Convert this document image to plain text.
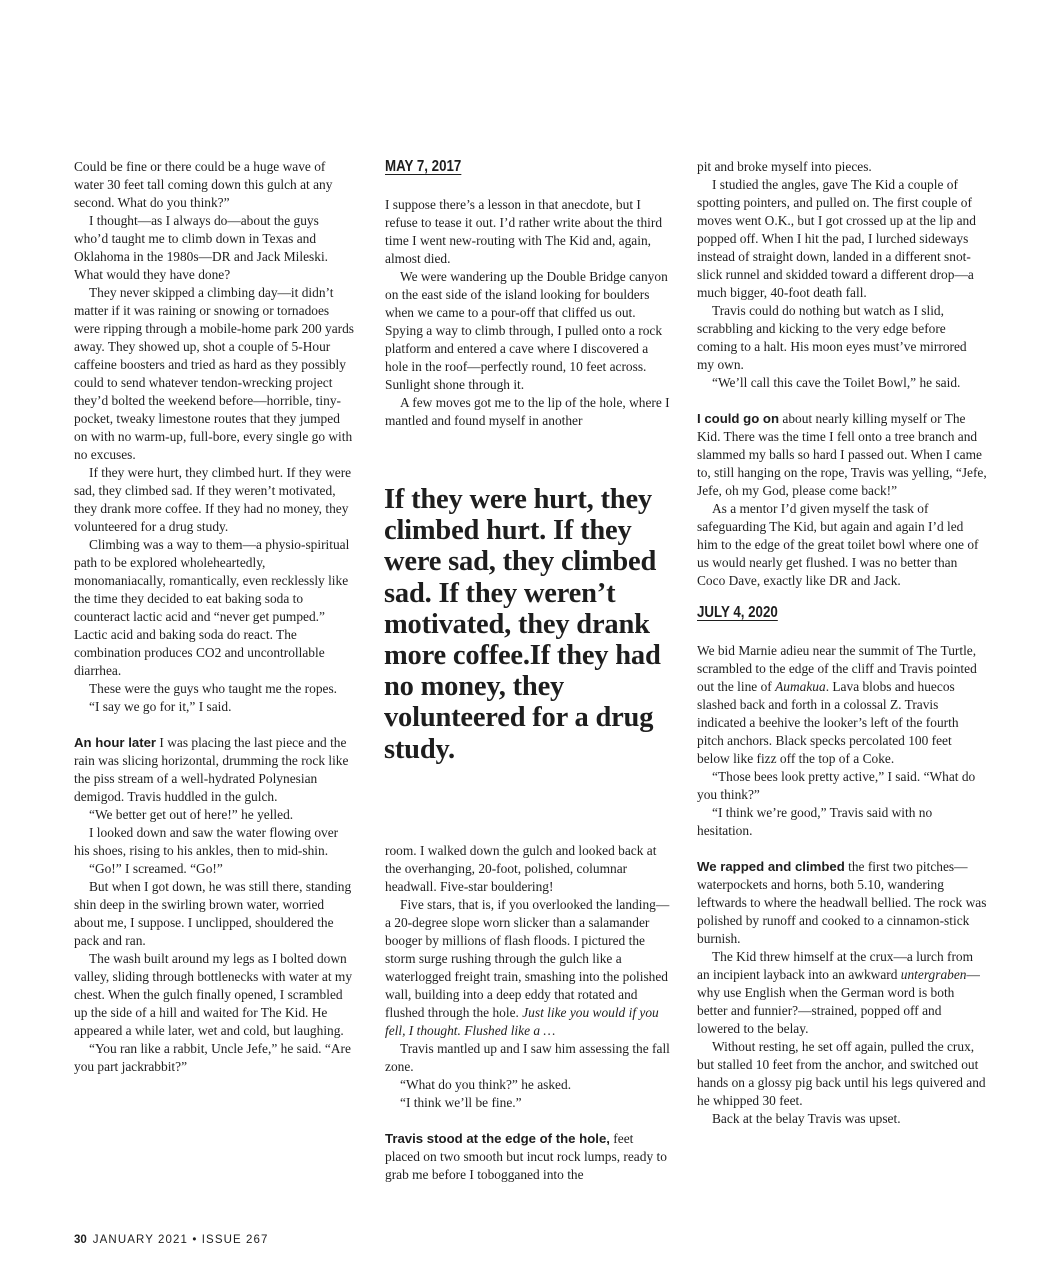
Could be fine or there could be a huge wave of water 30 feet tall coming down this gulch at any second. What do you think?”

I thought—as I always do—about the guys who’d taught me to climb down in Texas and Oklahoma in the 1980s—DR and Jack Mileski. What would they have done?

They never skipped a climbing day—it didn’t matter if it was raining or snowing or tornadoes were ripping through a mobile-home park 200 yards away. They showed up, shot a couple of 5-Hour caffeine boosters and tried as hard as they possibly could to send whatever tendon-wrecking project they’d bolted the weekend before—horrible, tiny-pocket, tweaky limestone routes that they jumped on with no warm-up, full-bore, every single go with no excuses.

If they were hurt, they climbed hurt. If they were sad, they climbed sad. If they weren’t motivated, they drank more coffee. If they had no money, they volunteered for a drug study.

Climbing was a way to them—a physio-spiritual path to be explored wholeheartedly, monomaniacally, romantically, even recklessly like the time they decided to eat baking soda to counteract lactic acid and “never get pumped.” Lactic acid and baking soda do react. The combination produces CO2 and uncontrollable diarrhea.

These were the guys who taught me the ropes.

“I say we go for it,” I said.

An hour later I was placing the last piece and the rain was slicing horizontal, drumming the rock like the piss stream of a well-hydrated Polynesian demigod. Travis huddled in the gulch.

“We better get out of here!” he yelled.

I looked down and saw the water flowing over his shoes, rising to his ankles, then to mid-shin.

“Go!” I screamed. “Go!”

But when I got down, he was still there, standing shin deep in the swirling brown water, worried about me, I suppose. I unclipped, shouldered the pack and ran.

The wash built around my legs as I bolted down valley, sliding through bottlenecks with water at my chest. When the gulch finally opened, I scrambled up the side of a hill and waited for The Kid. He appeared a while later, wet and cold, but laughing.

“You ran like a rabbit, Uncle Jefe,” he said. “Are you part jackrabbit?”

MAY 7, 2017

I suppose there’s a lesson in that anecdote, but I refuse to tease it out. I’d rather write about the third time I went new-routing with The Kid and, again, almost died.

We were wandering up the Double Bridge canyon on the east side of the island looking for boulders when we came to a pour-off that cliffed us out. Spying a way to climb through, I pulled onto a rock platform and entered a cave where I discovered a hole in the roof—perfectly round, 10 feet across. Sunlight shone through it.

A few moves got me to the lip of the hole, where I mantled and found myself in another

If they were hurt, they climbed hurt. If they were sad, they climbed sad. If they weren’t motivated, they drank more coffee.If they had no money, they volunteered for a drug study.

room. I walked down the gulch and looked back at the overhanging, 20-foot, polished, columnar headwall. Five-star bouldering!

Five stars, that is, if you overlooked the landing—a 20-degree slope worn slicker than a salamander booger by millions of flash floods. I pictured the storm surge rushing through the gulch like a waterlogged freight train, smashing into the polished wall, building into a deep eddy that rotated and flushed through the hole. Just like you would if you fell, I thought. Flushed like a …

Travis mantled up and I saw him assessing the fall zone.

“What do you think?” he asked.

“I think we’ll be fine.”

Travis stood at the edge of the hole, feet placed on two smooth but incut rock lumps, ready to grab me before I tobogganed into the

pit and broke myself into pieces.

I studied the angles, gave The Kid a couple of spotting pointers, and pulled on. The first couple of moves went O.K., but I got crossed up at the lip and popped off. When I hit the pad, I lurched sideways instead of straight down, landed in a different snot-slick runnel and skidded toward a different drop—a much bigger, 40-foot death fall.

Travis could do nothing but watch as I slid, scrabbling and kicking to the very edge before coming to a halt. His moon eyes must’ve mirrored my own.

“We’ll call this cave the Toilet Bowl,” he said.

I could go on about nearly killing myself or The Kid. There was the time I fell onto a tree branch and slammed my balls so hard I passed out. When I came to, still hanging on the rope, Travis was yelling, “Jefe, Jefe, oh my God, please come back!”

As a mentor I’d given myself the task of safeguarding The Kid, but again and again I’d led him to the edge of the great toilet bowl where one of us would nearly get flushed. I was no better than Coco Dave, exactly like DR and Jack.

JULY 4, 2020

We bid Marnie adieu near the summit of The Turtle, scrambled to the edge of the cliff and Travis pointed out the line of Aumakua. Lava blobs and huecos slashed back and forth in a colossal Z. Travis indicated a beehive the looker’s left of the fourth pitch anchors. Black specks percolated 100 feet below like fizz off the top of a Coke.

“Those bees look pretty active,” I said. “What do you think?”

“I think we’re good,” Travis said with no hesitation.

We rapped and climbed the first two pitches—waterpockets and horns, both 5.10, wandering leftwards to where the headwall bellied. The rock was polished by runoff and cooked to a cinnamon-stick burnish.

The Kid threw himself at the crux—a lurch from an incipient layback into an awkward untergraben—why use English when the German word is both better and funnier?—strained, popped off and lowered to the belay.

Without resting, he set off again, pulled the crux, but stalled 10 feet from the anchor, and switched out hands on a glossy pig back until his legs quivered and he whipped 30 feet.

Back at the belay Travis was upset.

30 JANUARY 2021 • ISSUE 267
